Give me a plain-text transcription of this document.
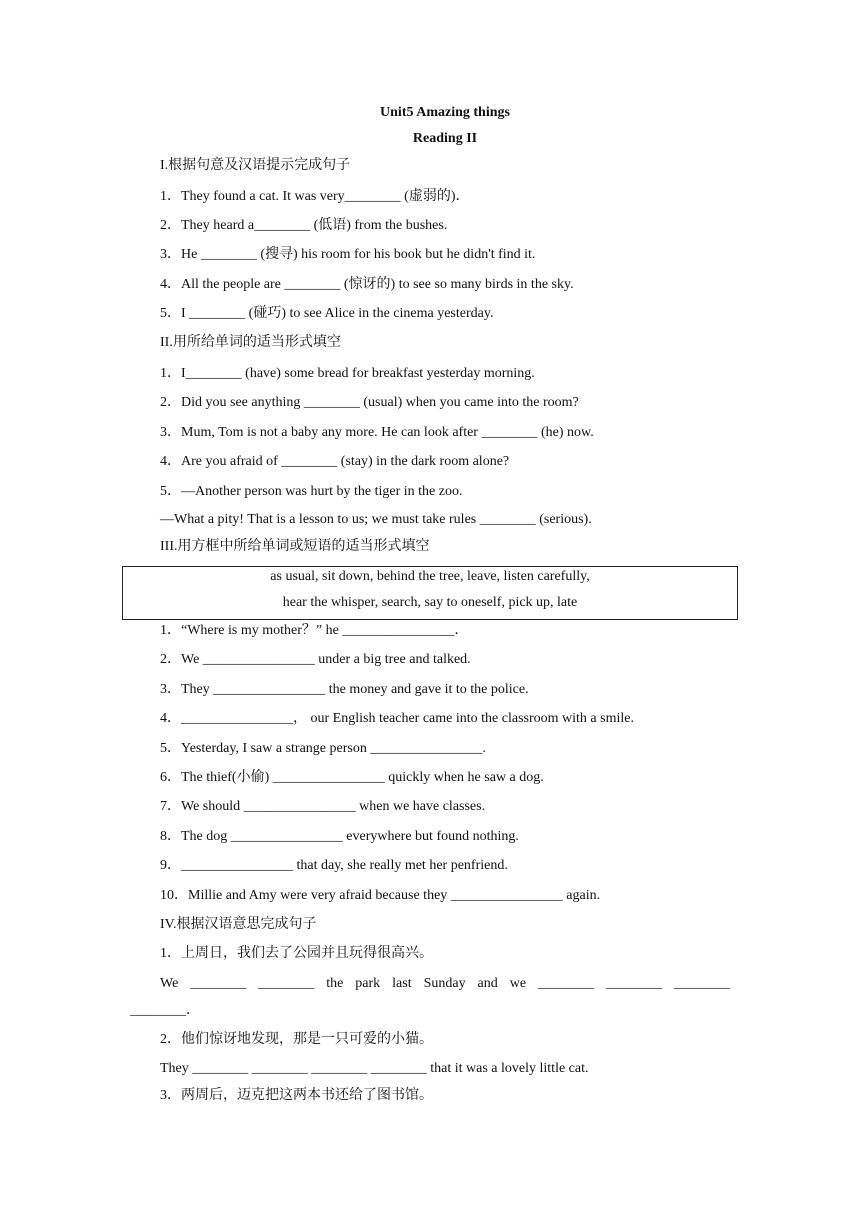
Unit5 Amazing things
Reading II
I.根据句意及汉语提示完成句子
1．They found a cat. It was very________ (虚弱的)．
2．They heard a________ (低语) from the bushes.
3．He ________ (搜寻) his room for his book but he didn't find it.
4．All the people are ________ (惊讶的) to see so many birds in the sky.
5．I ________ (碰巧) to see Alice in the cinema yesterday.
II.用所给单词的适当形式填空
1．I________ (have) some bread for breakfast yesterday morning.
2．Did you see anything ________ (usual) when you came into the room?
3．Mum, Tom is not a baby any more. He can look after ________ (he) now.
4．Are you afraid of ________ (stay) in the dark room alone?
5．—Another person was hurt by the tiger in the zoo.
—What a pity! That is a lesson to us; we must take rules ________ (serious).
III.用方框中所给单词或短语的适当形式填空
as usual, sit down, behind the tree, leave, listen carefully,
hear the whisper, search, say to oneself, pick up, late
1．“Where is my mother？” he ________________．
2．We ________________ under a big tree and talked.
3．They ________________ the money and gave it to the police.
4．________________， our English teacher came into the classroom with a smile.
5．Yesterday, I saw a strange person ________________.
6．The thief(小偷) ________________ quickly when he saw a dog.
7．We should ________________ when we have classes.
8．The dog ________________ everywhere but found nothing.
9．________________ that day, she really met her penfriend.
10．Millie and Amy were very afraid because they ________________ again.
IV.根据汉语意思完成句子
1．上周日，我们去了公园并且玩得很高兴。
We ________ ________ the park last Sunday and we ________ ________ ________
________．
2．他们惊讶地发现，那是一只可爱的小猫。
They ________ ________ ________ ________ that it was a lovely little cat.
3．两周后，迈克把这两本书还给了图书馆。
